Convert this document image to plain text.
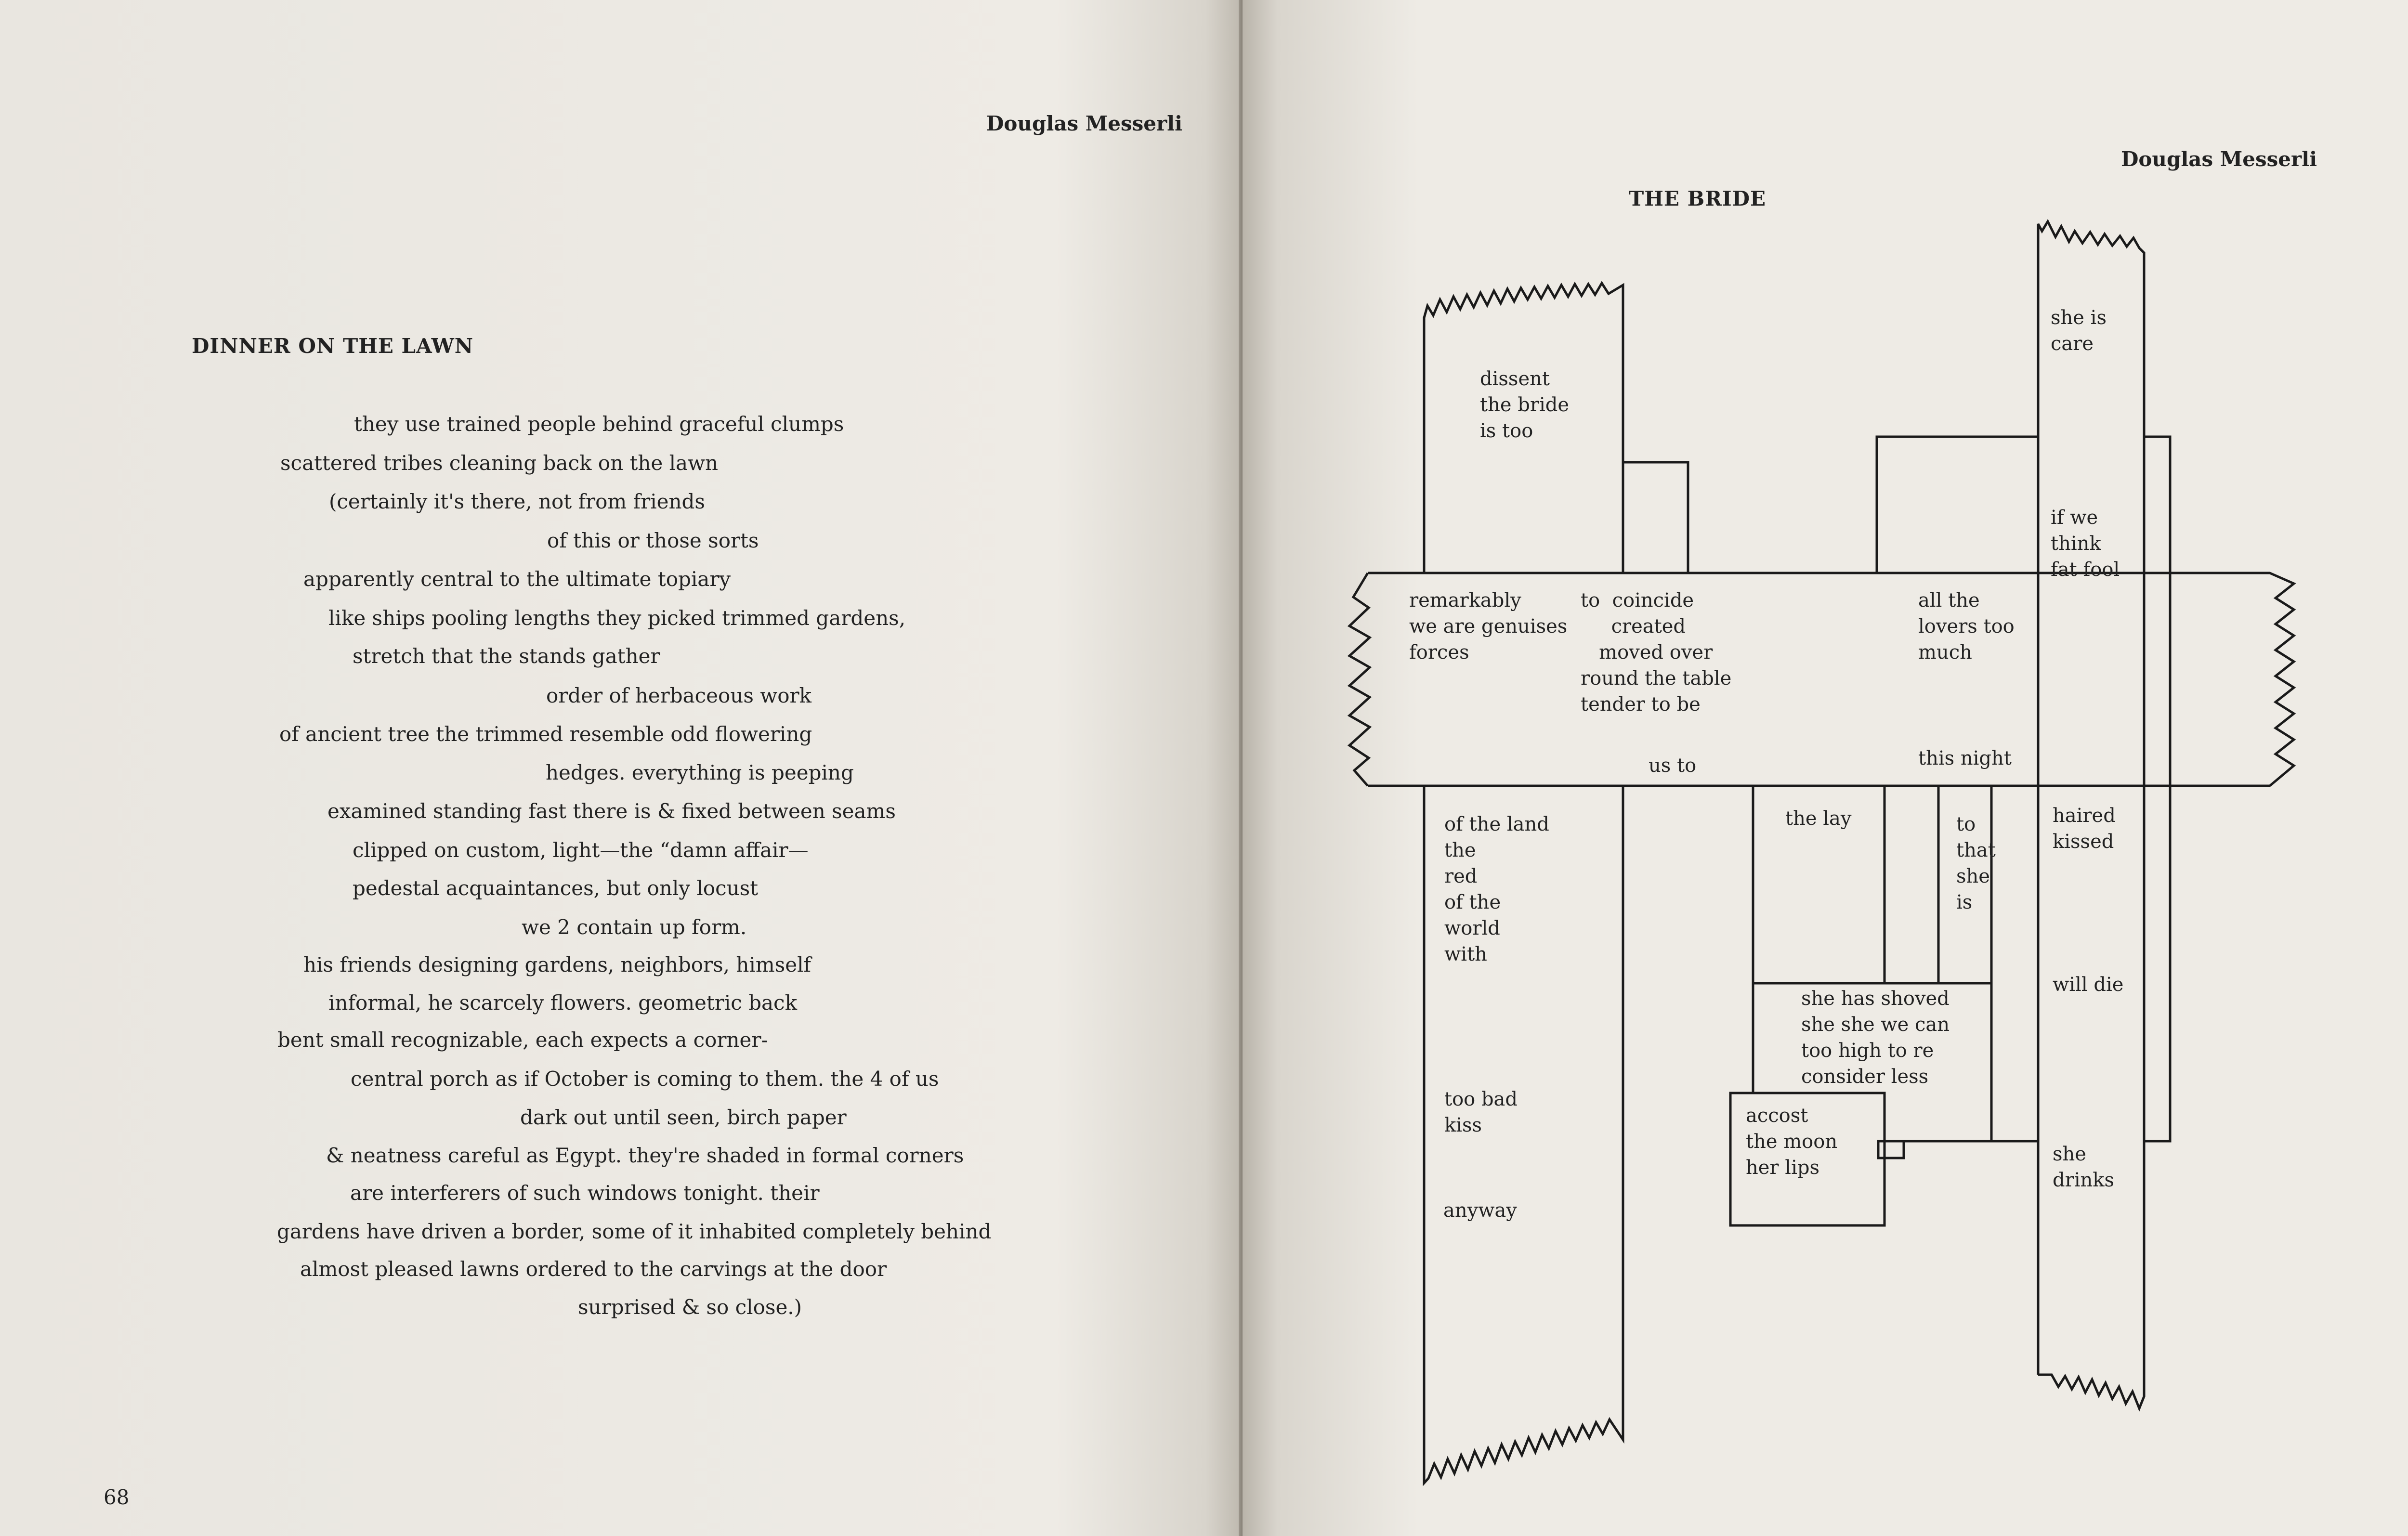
Douglas Messerli
DINNER ON THE LAWN
they use trained people behind graceful clumps
scattered tribes cleaning back on the lawn
(certainly it's there, not from friends
of this or those sorts
apparently central to the ultimate topiary
like ships pooling lengths they picked trimmed gardens,
stretch that the stands gather
order of herbaceous work
of ancient tree the trimmed resemble odd flowering
hedges. everything is peeping
examined standing fast there is & fixed between seams
clipped on custom, light—the “damn affair—
pedestal acquaintances, but only locust
we 2 contain up form.
his friends designing gardens, neighbors, himself
informal, he scarcely flowers. geometric back
bent small recognizable, each expects a corner-
central porch as if October is coming to them. the 4 of us
dark out until seen, birch paper
& neatness careful as Egypt. they're shaded in formal corners
are interferers of such windows tonight. their
gardens have driven a border, some of it inhabited completely behind
almost pleased lawns ordered to the carvings at the door
surprised & so close.)
68
Douglas Messerli
THE BRIDE
dissent
the bride
is too
she is
care
if we
think
fat fool
remarkably
we are genuises
forces
to  coincide
created
moved over
round the table
tender to be
all the
lovers too
much
this night
us to
of the land
the
red
of the
world
with
the lay	to
that
she
is
haired
kissed
will die
she has shoved
she she we can
too high to re
consider less
too bad
kiss	accost
the moon
her lips
she
drinks
anyway
